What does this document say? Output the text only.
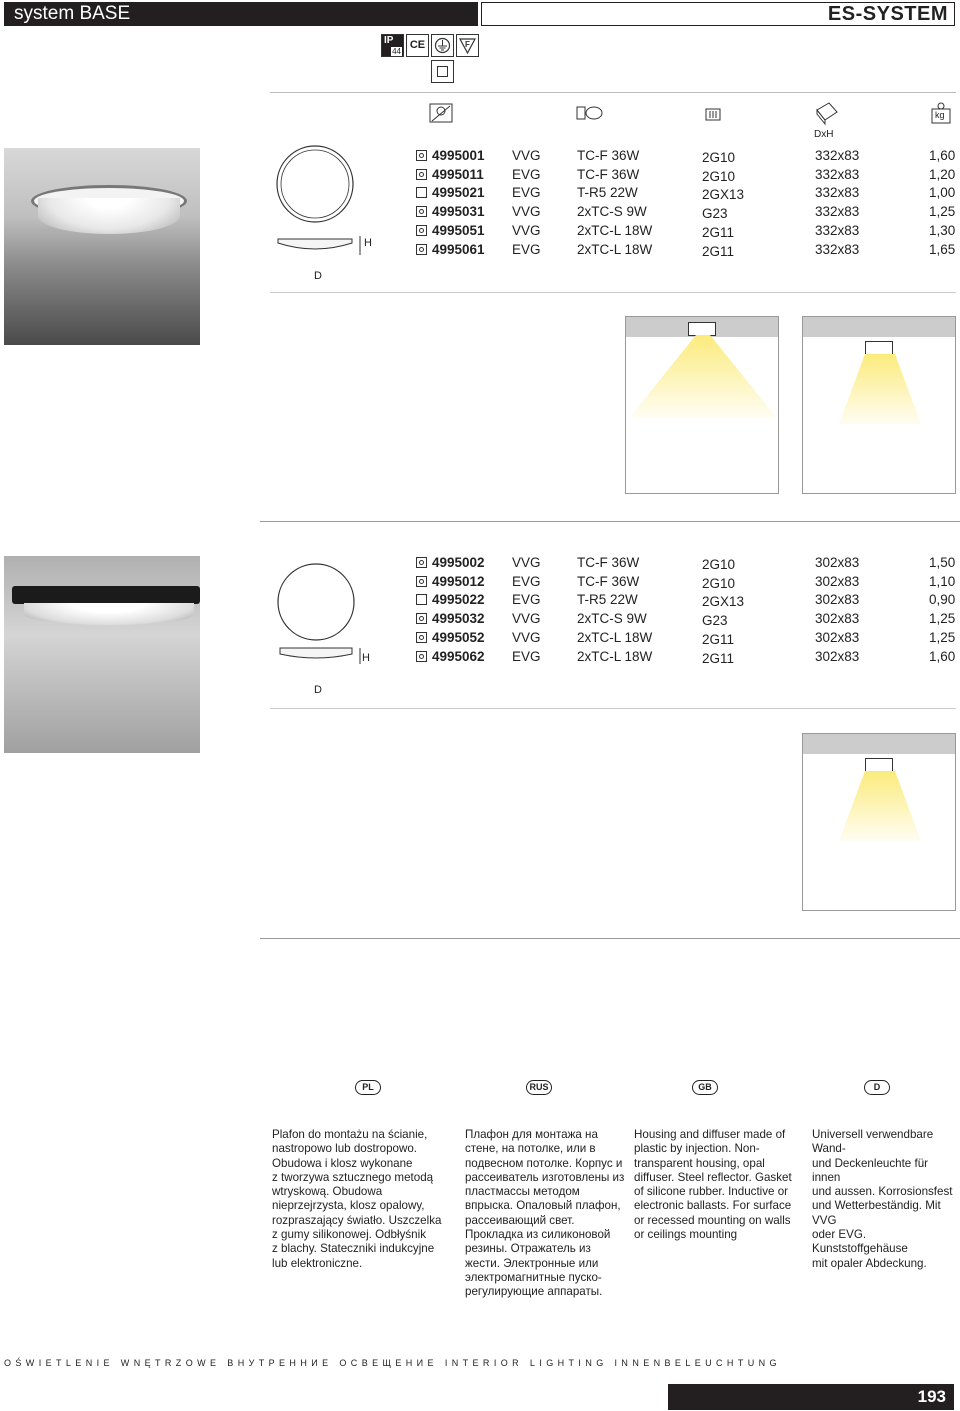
system BASE	ES-SYSTEM
IP
44
CE	F
DxH
kg
H
D
4995001 VVG	TC-F 36W	2G10	332x83	1,60
4995011 EVG	TC-F 36W	2G10	332x83	1,20
4995021 EVG	T-R5 22W	2GX13	332x83	1,00
4995031 VVG	2xTC-S 9W	G23	332x83	1,25
4995051 VVG	2xTC-L 18W	2G11	332x83	1,30
4995061 EVG	2xTC-L 18W	2G11	332x83	1,65
H
D
4995002 VVG	TC-F 36W	2G10	302x83	1,50
4995012 EVG	TC-F 36W	2G10	302x83	1,10
4995022 EVG	T-R5 22W	2GX13	302x83	0,90
4995032 VVG	2xTC-S 9W	G23	302x83	1,25
4995052 VVG	2xTC-L 18W	2G11	302x83	1,25
4995062 EVG	2xTC-L 18W	2G11	302x83	1,60
PL	RUS	GB	D
Plafon do montażu na ścianie,
nastropowo lub dostropowo.
Obudowa i klosz wykonane
z tworzywa sztucznego metodą
wtryskową. Obudowa
nieprzejrzysta, klosz opalowy,
rozpraszający światło. Uszczelka
z gumy silikonowej. Odbłyśnik
z blachy. Stateczniki indukcyjne
lub elektroniczne.
Плафон для монтажа на
стене, на потолке, или в
подвесном потолке. Корпус и
рассеиватель изготовлены из
пластмассы методом
впрыска. Опаловый плафон,
рассеивающий свет.
Прокладка из силиконовой
резины. Отражатель из
жести. Электронные или
электромагнитные пуско-
регулирующие аппараты.
Housing and diffuser made of
plastic by injection. Non-
transparent housing, opal
diffuser. Steel reflector. Gasket
of silicone rubber. Inductive or
electronic ballasts. For surface
or recessed mounting on walls
or ceilings mounting
Universell verwendbare Wand-
und Deckenleuchte für innen
und aussen. Korrosionsfest
und Wetterbeständig. Mit VVG
oder EVG. Kunststoffgehäuse
mit opaler Abdeckung.
OŚWIETLENIE WNĘTRZOWE ВНУТРЕННИЕ ОСВЕЩЕНИЕ INTERIOR LIGHTING INNENBELEUCHTUNG
193
